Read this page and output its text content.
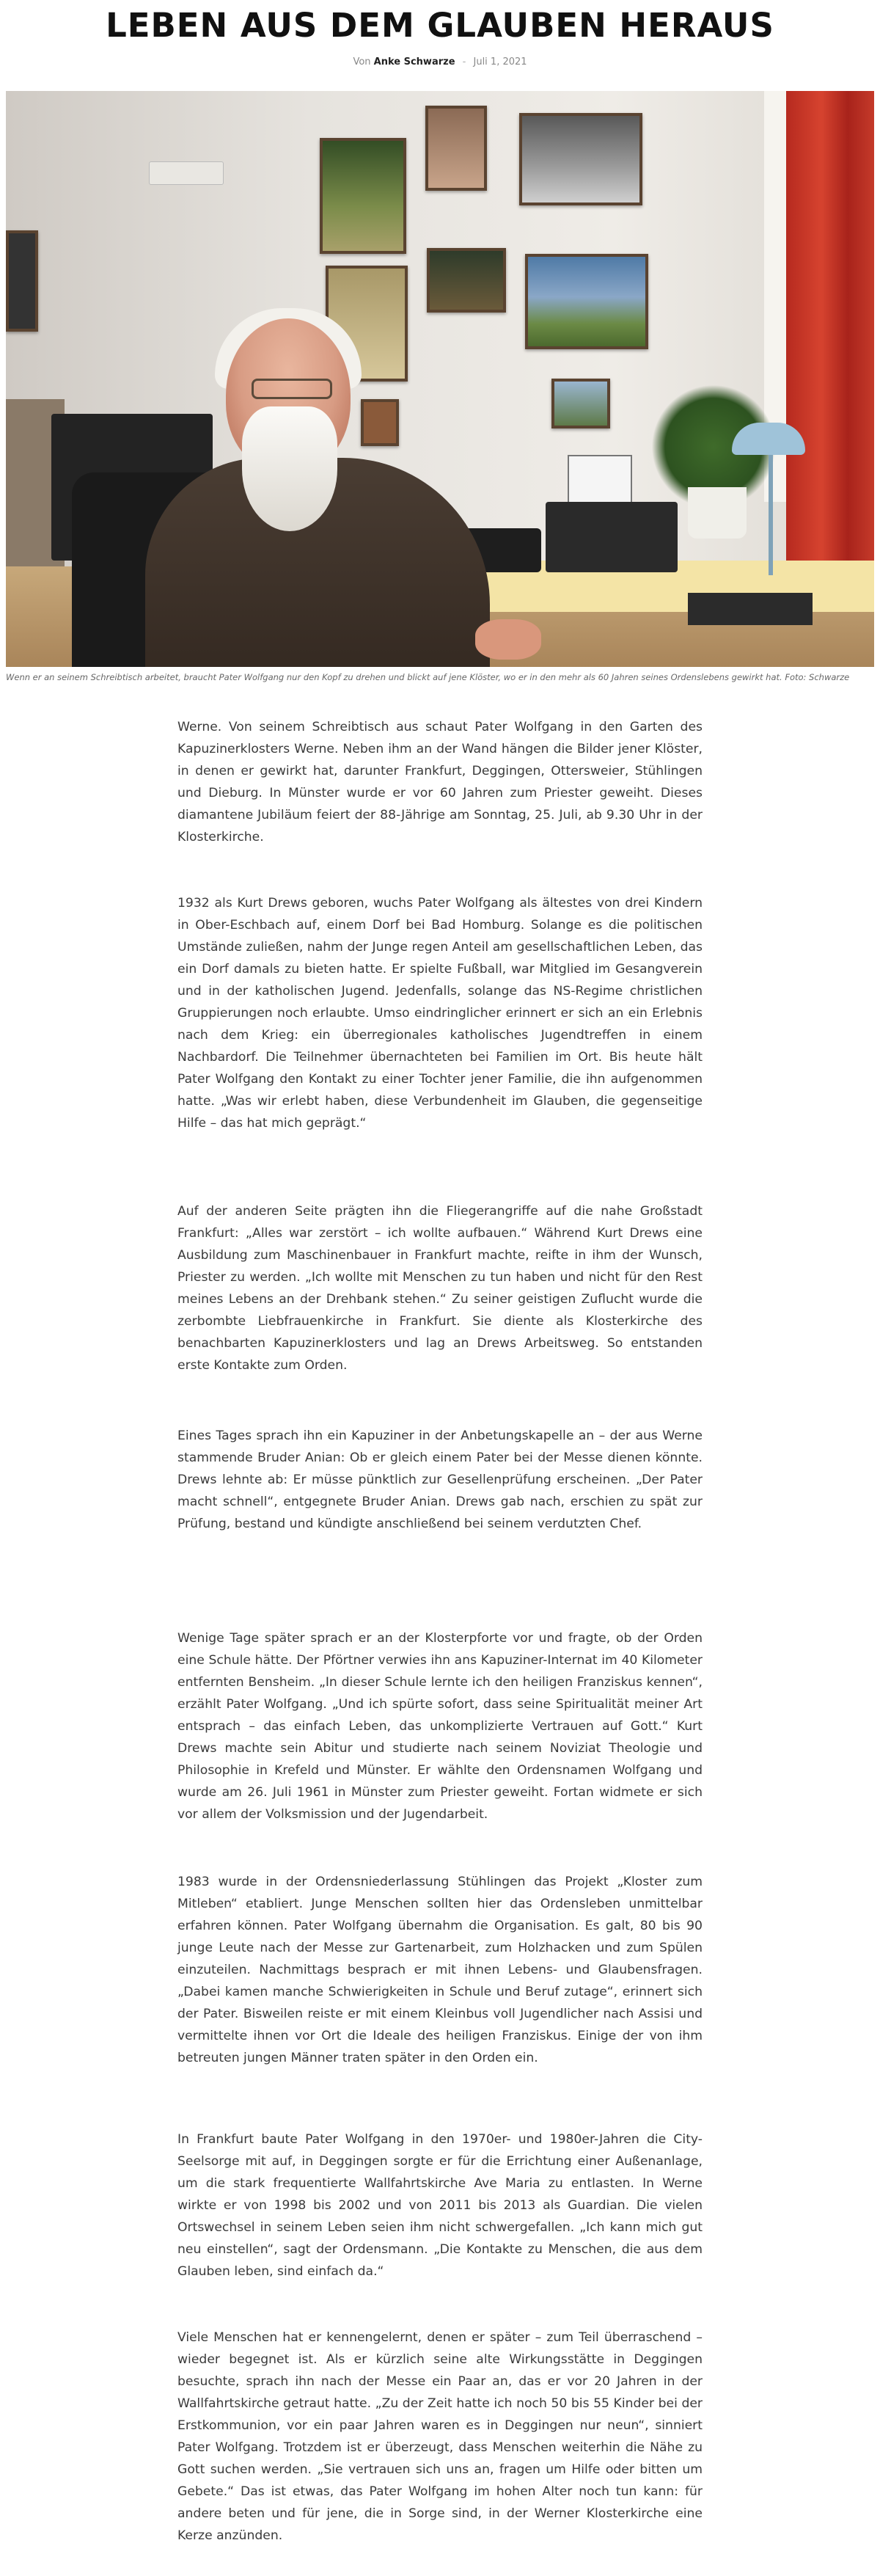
LEBEN AUS DEM GLAUBEN HERAUS
Von Anke Schwarze - Juli 1, 2021
Wenn er an seinem Schreibtisch arbeitet, braucht Pater Wolfgang nur den Kopf zu drehen und blickt auf jene Klöster, wo er in den mehr als 60 Jahren seines Ordenslebens gewirkt hat. Foto: Schwarze

Werne. Von seinem Schreibtisch aus schaut Pater Wolfgang in den Garten des Kapuzinerklosters Werne. Neben ihm an der Wand hängen die Bilder jener Klöster, in denen er gewirkt hat, darunter Frankfurt, Deggingen, Ottersweier, Stühlingen und Dieburg. In Münster wurde er vor 60 Jahren zum Priester geweiht. Dieses diamantene Jubiläum feiert der 88-Jährige am Sonntag, 25. Juli, ab 9.30 Uhr in der Klosterkirche.

1932 als Kurt Drews geboren, wuchs Pater Wolfgang als ältestes von drei Kindern in Ober-Eschbach auf, einem Dorf bei Bad Homburg. Solange es die politischen Umstände zuließen, nahm der Junge regen Anteil am gesellschaftlichen Leben, das ein Dorf damals zu bieten hatte. Er spielte Fußball, war Mitglied im Gesangverein und in der katholischen Jugend. Jedenfalls, solange das NS-Regime christlichen Gruppierungen noch erlaubte. Umso eindringlicher erinnert er sich an ein Erlebnis nach dem Krieg: ein überregionales katholisches Jugendtreffen in einem Nachbardorf. Die Teilnehmer übernachteten bei Familien im Ort. Bis heute hält Pater Wolfgang den Kontakt zu einer Tochter jener Familie, die ihn aufgenommen hatte. „Was wir erlebt haben, diese Verbundenheit im Glauben, die gegenseitige Hilfe – das hat mich geprägt.“

Auf der anderen Seite prägten ihn die Fliegerangriffe auf die nahe Großstadt Frankfurt: „Alles war zerstört – ich wollte aufbauen.“ Während Kurt Drews eine Ausbildung zum Maschinenbauer in Frankfurt machte, reifte in ihm der Wunsch, Priester zu werden. „Ich wollte mit Menschen zu tun haben und nicht für den Rest meines Lebens an der Drehbank stehen.“ Zu seiner geistigen Zuflucht wurde die zerbombte Liebfrauenkirche in Frankfurt. Sie diente als Klosterkirche des benachbarten Kapuzinerklosters und lag an Drews Arbeitsweg. So entstanden erste Kontakte zum Orden.

Eines Tages sprach ihn ein Kapuziner in der Anbetungskapelle an – der aus Werne stammende Bruder Anian: Ob er gleich einem Pater bei der Messe dienen könnte. Drews lehnte ab: Er müsse pünktlich zur Gesellenprüfung erscheinen. „Der Pater macht schnell“, entgegnete Bruder Anian. Drews gab nach, erschien zu spät zur Prüfung, bestand und kündigte anschließend bei seinem verdutzten Chef.

Wenige Tage später sprach er an der Klosterpforte vor und fragte, ob der Orden eine Schule hätte. Der Pförtner verwies ihn ans Kapuziner-Internat im 40 Kilometer entfernten Bensheim. „In dieser Schule lernte ich den heiligen Franziskus kennen“, erzählt Pater Wolfgang. „Und ich spürte sofort, dass seine Spiritualität meiner Art entsprach – das einfach Leben, das unkomplizierte Vertrauen auf Gott.“ Kurt Drews machte sein Abitur und studierte nach seinem Noviziat Theologie und Philosophie in Krefeld und Münster. Er wählte den Ordensnamen Wolfgang und wurde am 26. Juli 1961 in Münster zum Priester geweiht. Fortan widmete er sich vor allem der Volksmission und der Jugendarbeit.

1983 wurde in der Ordensniederlassung Stühlingen das Projekt „Kloster zum Mitleben“ etabliert. Junge Menschen sollten hier das Ordensleben unmittelbar erfahren können. Pater Wolfgang übernahm die Organisation. Es galt, 80 bis 90 junge Leute nach der Messe zur Gartenarbeit, zum Holzhacken und zum Spülen einzuteilen. Nachmittags besprach er mit ihnen Lebens- und Glaubensfragen. „Dabei kamen manche Schwierigkeiten in Schule und Beruf zutage“, erinnert sich der Pater. Bisweilen reiste er mit einem Kleinbus voll Jugendlicher nach Assisi und vermittelte ihnen vor Ort die Ideale des heiligen Franziskus. Einige der von ihm betreuten jungen Männer traten später in den Orden ein.

In Frankfurt baute Pater Wolfgang in den 1970er- und 1980er-Jahren die City-Seelsorge mit auf, in Deggingen sorgte er für die Errichtung einer Außenanlage, um die stark frequentierte Wallfahrtskirche Ave Maria zu entlasten. In Werne wirkte er von 1998 bis 2002 und von 2011 bis 2013 als Guardian. Die vielen Ortswechsel in seinem Leben seien ihm nicht schwergefallen. „Ich kann mich gut neu einstellen“, sagt der Ordensmann. „Die Kontakte zu Menschen, die aus dem Glauben leben, sind einfach da.“

Viele Menschen hat er kennengelernt, denen er später – zum Teil überraschend – wieder begegnet ist. Als er kürzlich seine alte Wirkungsstätte in Deggingen besuchte, sprach ihn nach der Messe ein Paar an, das er vor 20 Jahren in der Wallfahrtskirche getraut hatte. „Zu der Zeit hatte ich noch 50 bis 55 Kinder bei der Erstkommunion, vor ein paar Jahren waren es in Deggingen nur neun“, sinniert Pater Wolfgang. Trotzdem ist er überzeugt, dass Menschen weiterhin die Nähe zu Gott suchen werden. „Sie vertrauen sich uns an, fragen um Hilfe oder bitten um Gebete.“ Das ist etwas, das Pater Wolfgang im hohen Alter noch tun kann: für andere beten und für jene, die in Sorge sind, in der Werner Klosterkirche eine Kerze anzünden.
